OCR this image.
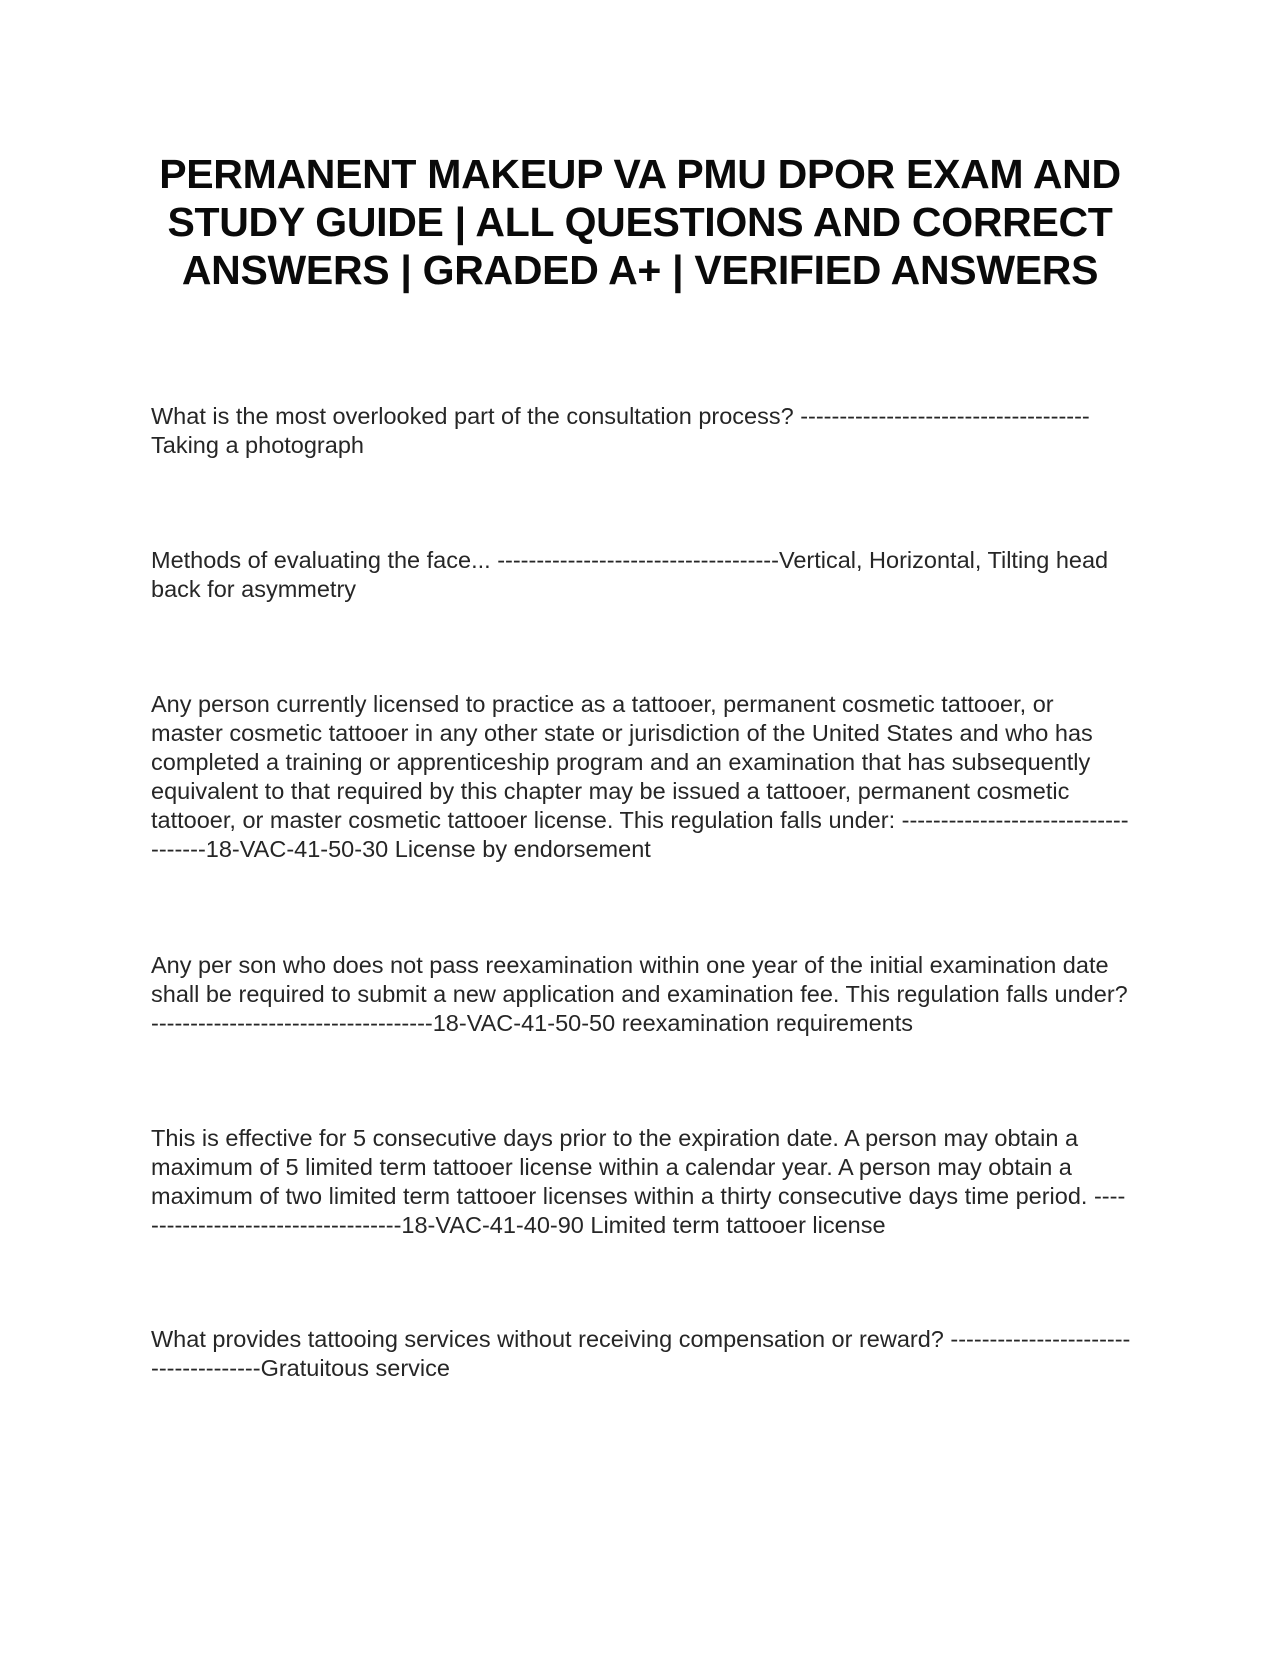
PERMANENT MAKEUP VA PMU DPOR EXAM AND STUDY GUIDE | ALL QUESTIONS AND CORRECT ANSWERS | GRADED A+ | VERIFIED ANSWERS

What is the most overlooked part of the consultation process? -------------------------------------Taking a photograph

Methods of evaluating the face... ------------------------------------Vertical, Horizontal, Tilting head back for asymmetry

Any person currently licensed to practice as a tattooer, permanent cosmetic tattooer, or master cosmetic tattooer in any other state or jurisdiction of the United States and who has completed a training or apprenticeship program and an examination that has subsequently equivalent to that required by this chapter may be issued a tattooer, permanent cosmetic tattooer, or master cosmetic tattooer license. This regulation falls under: ------------------------------------18-VAC-41-50-30 License by endorsement

Any per son who does not pass reexamination within one year of the initial examination date shall be required to submit a new application and examination fee. This regulation falls under? ------------------------------------18-VAC-41-50-50 reexamination requirements

This is effective for 5 consecutive days prior to the expiration date. A person may obtain a maximum of 5 limited term tattooer license within a calendar year. A person may obtain a maximum of two limited term tattooer licenses within a thirty consecutive days time period. ------------------------------------18-VAC-41-40-90 Limited term tattooer license

What provides tattooing services without receiving compensation or reward? -------------------------------------Gratuitous service
